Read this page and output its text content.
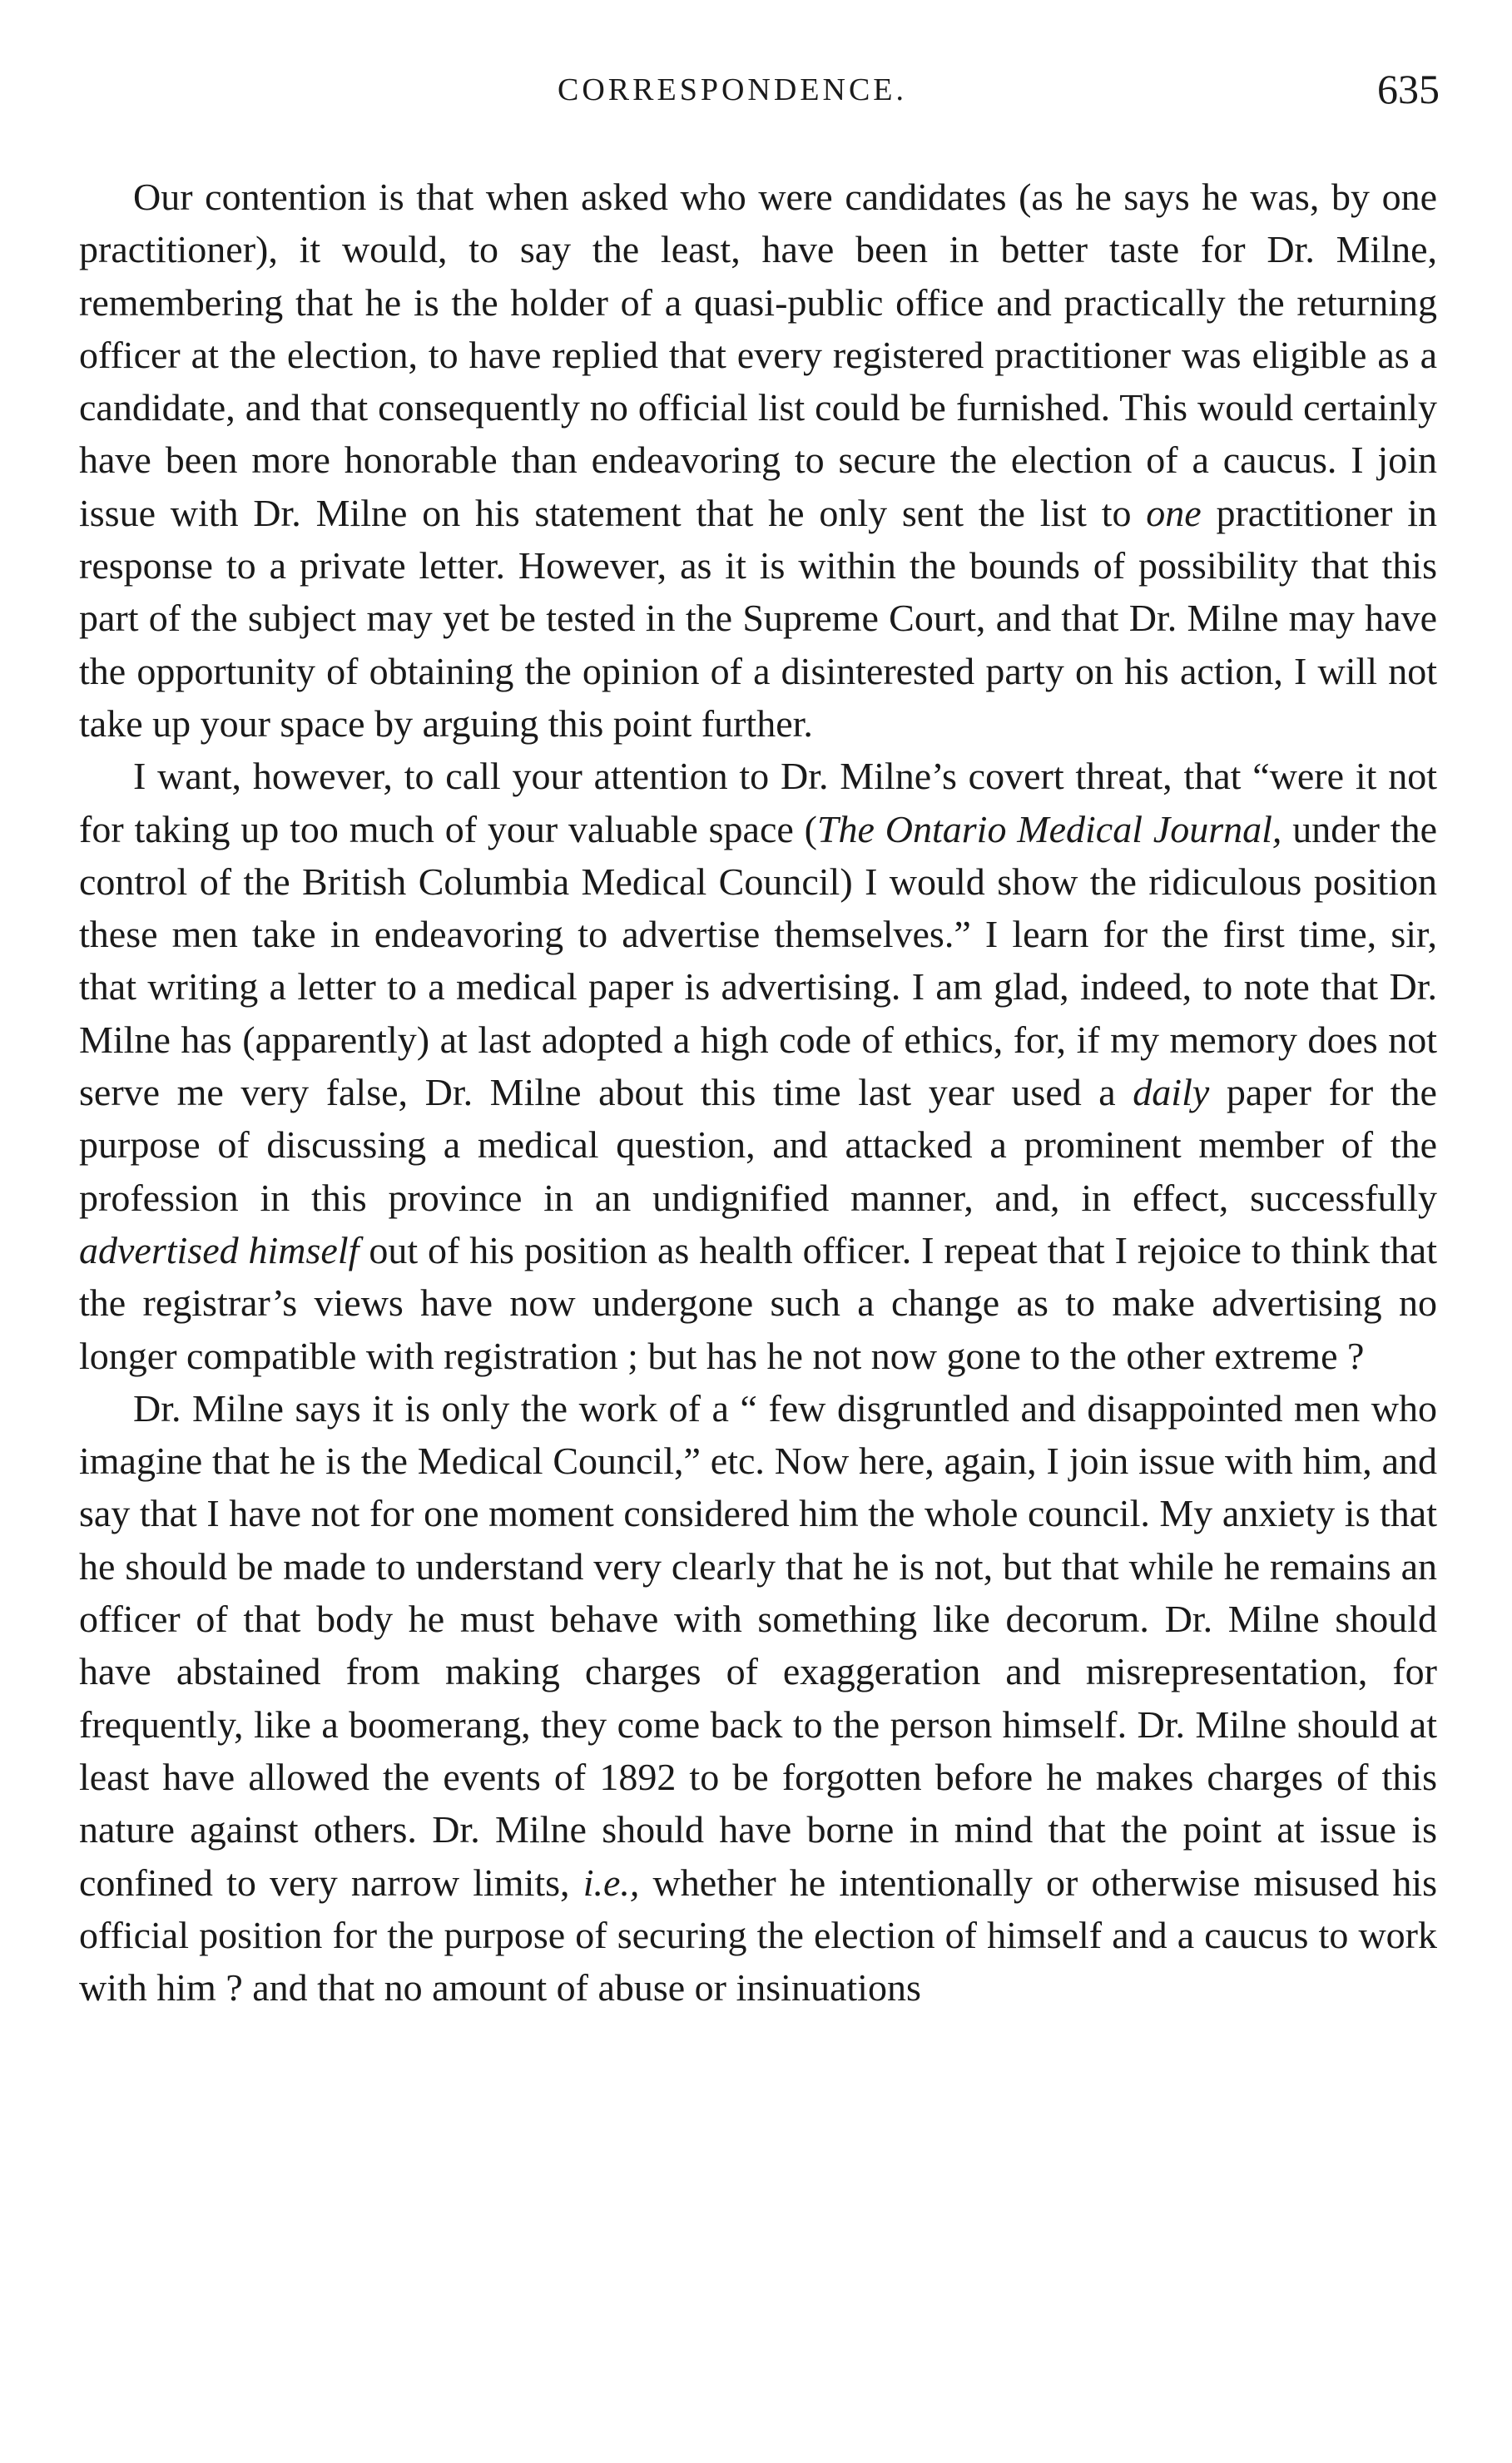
CORRESPONDENCE.	635

Our contention is that when asked who were candidates (as he says he was, by one practitioner), it would, to say the least, have been in better taste for Dr. Milne, remembering that he is the holder of a quasi-public office and practically the returning officer at the election, to have replied that every registered practitioner was eligible as a candidate, and that consequently no official list could be furnished. This would certainly have been more honorable than endeavoring to secure the election of a caucus. I join issue with Dr. Milne on his statement that he only sent the list to one practitioner in response to a private letter. However, as it is within the bounds of possibility that this part of the subject may yet be tested in the Supreme Court, and that Dr. Milne may have the opportunity of obtaining the opinion of a disinterested party on his action, I will not take up your space by arguing this point further.

I want, however, to call your attention to Dr. Milne’s covert threat, that “were it not for taking up too much of your valuable space (The Ontario Medical Journal, under the control of the British Columbia Medical Council) I would show the ridiculous position these men take in endeavoring to advertise themselves.” I learn for the first time, sir, that writing a letter to a medical paper is advertising. I am glad, indeed, to note that Dr. Milne has (apparently) at last adopted a high code of ethics, for, if my memory does not serve me very false, Dr. Milne about this time last year used a daily paper for the purpose of discussing a medical question, and attacked a prominent member of the profession in this province in an undignified manner, and, in effect, successfully advertised himself out of his position as health officer. I repeat that I rejoice to think that the registrar’s views have now undergone such a change as to make advertising no longer compatible with registration ; but has he not now gone to the other extreme ?

Dr. Milne says it is only the work of a “ few disgruntled and disappointed men who imagine that he is the Medical Council,” etc. Now here, again, I join issue with him, and say that I have not for one moment considered him the whole council. My anxiety is that he should be made to understand very clearly that he is not, but that while he remains an officer of that body he must behave with something like decorum. Dr. Milne should have abstained from making charges of exaggeration and misrepresentation, for frequently, like a boomerang, they come back to the person himself. Dr. Milne should at least have allowed the events of 1892 to be forgotten before he makes charges of this nature against others. Dr. Milne should have borne in mind that the point at issue is confined to very narrow limits, i.e., whether he intentionally or otherwise misused his official position for the purpose of securing the election of himself and a caucus to work with him ? and that no amount of abuse or insinuations
